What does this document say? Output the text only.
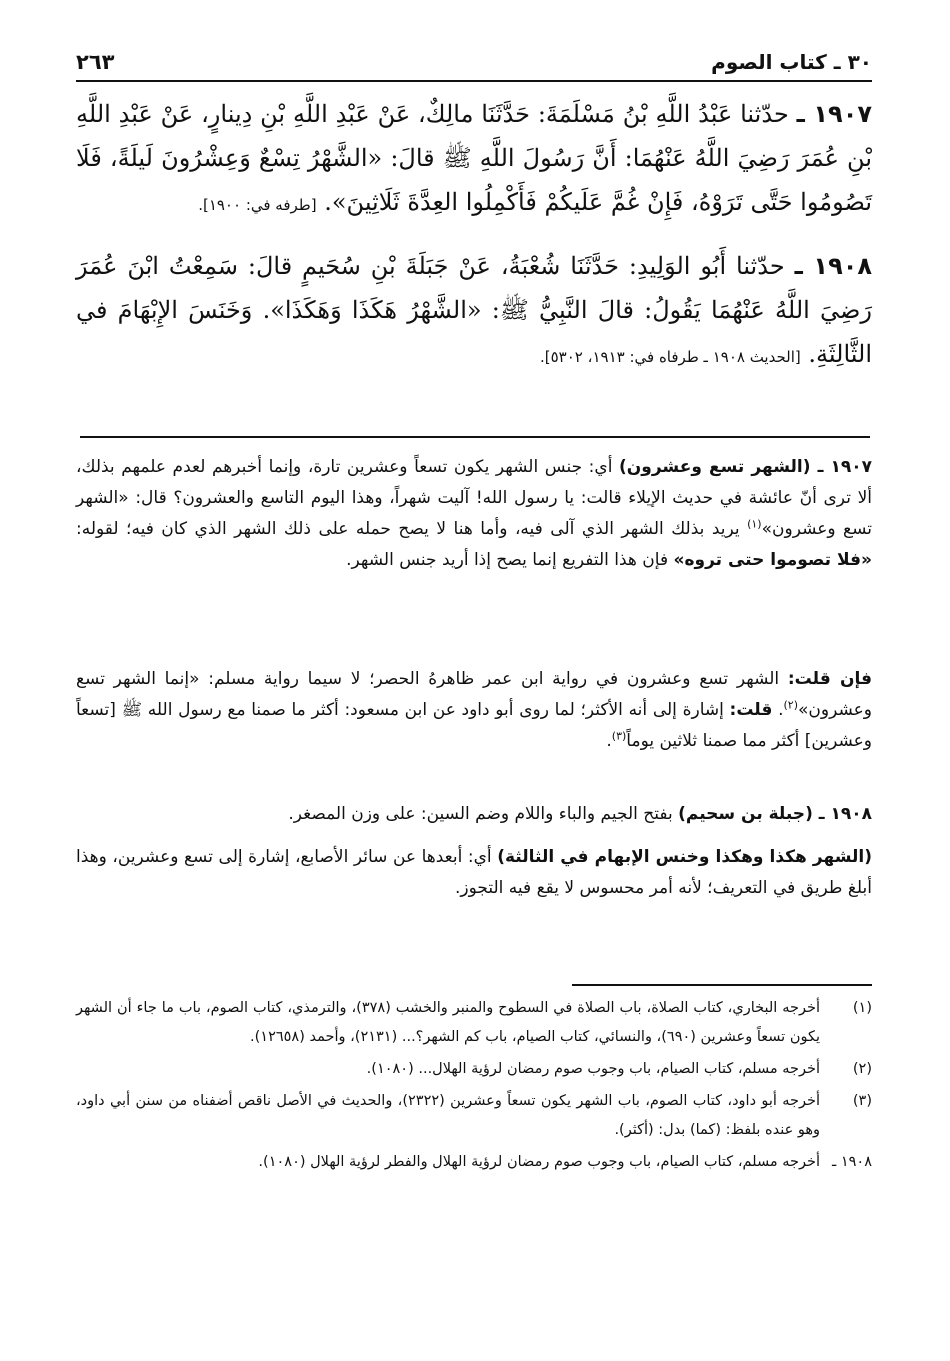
٣٠ ـ كتاب الصوم
٢٦٣
١٩٠٧ ـ حدّثنا عَبْدُ اللَّهِ بْنُ مَسْلَمَةَ: حَدَّثَنَا مالِكٌ، عَنْ عَبْدِ اللَّهِ بْنِ دِينارٍ، عَنْ عَبْدِ اللَّهِ بْنِ عُمَرَ رَضِيَ اللَّهُ عَنْهُمَا: أَنَّ رَسُولَ اللَّهِ ﷺ قالَ: «الشَّهْرُ تِسْعٌ وَعِشْرُونَ لَيلَةً، فَلَا تَصُومُوا حَتَّى تَرَوْهُ، فَإِنْ غُمَّ عَلَيكُمْ فَأَكْمِلُوا العِدَّةَ ثَلَاثِينَ». [طرفه في: ١٩٠٠].
١٩٠٨ ـ حدّثنا أَبُو الوَلِيدِ: حَدَّثَنَا شُعْبَةُ، عَنْ جَبَلَةَ بْنِ سُحَيمٍ قالَ: سَمِعْتُ ابْنَ عُمَرَ رَضِيَ اللَّهُ عَنْهُمَا يَقُولُ: قالَ النَّبِيُّ ﷺ: «الشَّهْرُ هَكَذَا وَهَكَذَا». وَخَنَسَ الإِبْهَامَ في الثَّالِثَةِ. [الحديث ١٩٠٨ ـ طرفاه في: ١٩١٣، ٥٣٠٢].

١٩٠٧ ـ (الشهر تسع وعشرون) أي: جنس الشهر يكون تسعاً وعشرين تارة، وإنما أخبرهم لعدم علمهم بذلك، ألا ترى أنّ عائشة في حديث الإيلاء قالت: يا رسول الله! آليت شهراً، وهذا اليوم التاسع والعشرون؟ قال: «الشهر تسع وعشرون»$^{(١)}$ يريد بذلك الشهر الذي آلى فيه، وأما هنا لا يصح حمله على ذلك الشهر الذي كان فيه؛ لقوله: «فلا تصوموا حتى تروه» فإن هذا التفريع إنما يصح إذا أريد جنس الشهر.

فإن قلت: الشهر تسع وعشرون في رواية ابن عمر ظاهرهُ الحصر؛ لا سيما رواية مسلم: «إنما الشهر تسع وعشرون»$^{(٢)}$. قلت: إشارة إلى أنه الأكثر؛ لما روى أبو داود عن ابن مسعود: أكثر ما صمنا مع رسول الله ﷺ [تسعاً وعشرين] أكثر مما صمنا ثلاثين يوماً$^{(٣)}$.

١٩٠٨ ـ (جبلة بن سحيم) بفتح الجيم والباء واللام وضم السين: على وزن المصغر.

(الشهر هكذا وهكذا وخنس الإبهام في الثالثة) أي: أبعدها عن سائر الأصابع، إشارة إلى تسع وعشرين، وهذا أبلغ طريق في التعريف؛ لأنه أمر محسوس لا يقع فيه التجوز.

(١)
أخرجه البخاري، كتاب الصلاة، باب الصلاة في السطوح والمنبر والخشب (٣٧٨)، والترمذي، كتاب الصوم، باب ما جاء أن الشهر يكون تسعاً وعشرين (٦٩٠)، والنسائي، كتاب الصيام، باب كم الشهر؟... (٢١٣١)، وأحمد (١٢٦٥٨).
(٢)
أخرجه مسلم، كتاب الصيام، باب وجوب صوم رمضان لرؤية الهلال... (١٠٨٠).
(٣)
أخرجه أبو داود، كتاب الصوم، باب الشهر يكون تسعاً وعشرين (٢٣٢٢)، والحديث في الأصل ناقص أضفناه من سنن أبي داود، وهو عنده بلفظ: (كما) بدل: (أكثر).
١٩٠٨ ـ
أخرجه مسلم، كتاب الصيام، باب وجوب صوم رمضان لرؤية الهلال والفطر لرؤية الهلال (١٠٨٠).
